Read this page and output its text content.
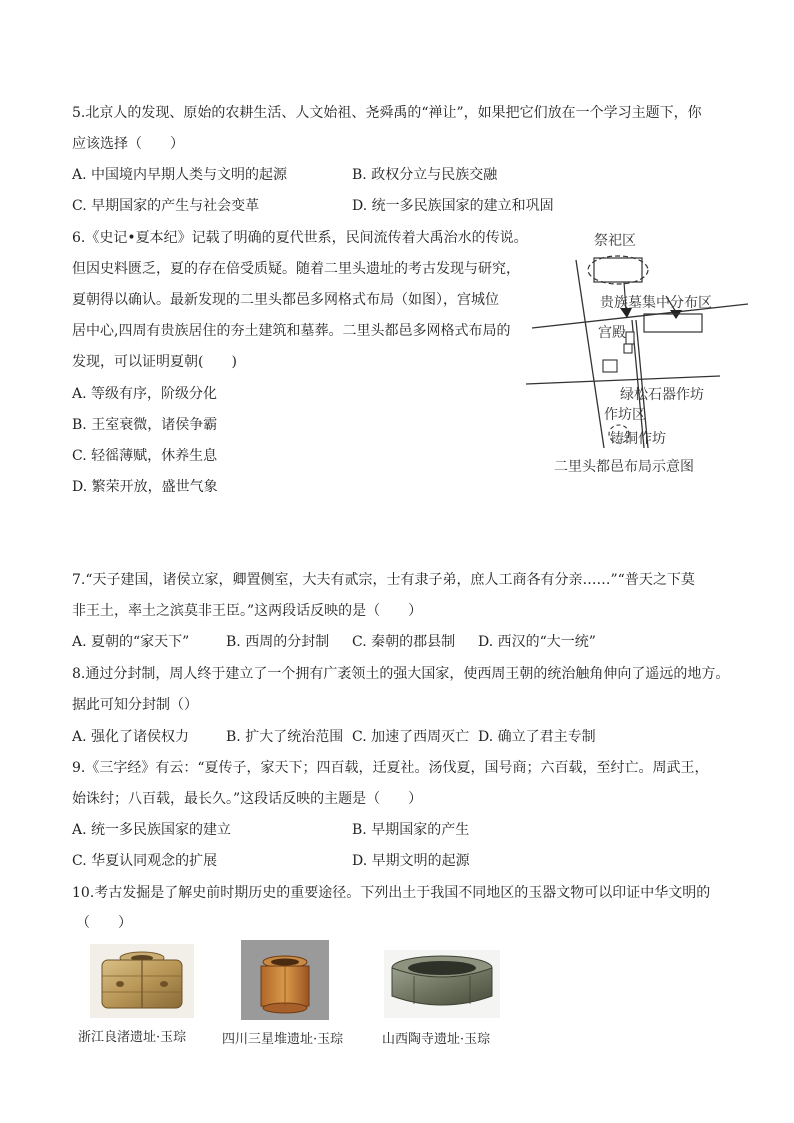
5.北京人的发现、原始的农耕生活、人文始祖、尧舜禹的“禅让”，如果把它们放在一个学习主题下，你
应该选择（　　）
A. 中国境内早期人类与文明的起源	B. 政权分立与民族交融
C. 早期国家的产生与社会变革	D. 统一多民族国家的建立和巩固
6.《史记•夏本纪》记载了明确的夏代世系，民间流传着大禹治水的传说。
但因史料匮乏，夏的存在倍受质疑。随着二里头遗址的考古发现与研究，
夏朝得以确认。最新发现的二里头都邑多网格式布局（如图），宫城位
居中心,四周有贵族居住的夯土建筑和墓葬。二里头都邑多网格式布局的
发现，可以证明夏朝(　　)
A. 等级有序，阶级分化
B. 王室衰微，诸侯争霸
C. 轻徭薄赋，休养生息
D. 繁荣开放，盛世气象
祭祀区
贵族墓集中分布区
宫殿
绿松石器作坊
作坊区
铸铜作坊
二里头都邑布局示意图
7.“天子建国，诸侯立家，卿置侧室，大夫有贰宗，士有隶子弟，庶人工商各有分亲……”“普天之下莫
非王土，率土之滨莫非王臣。”这两段话反映的是（　　）
A. 夏朝的“家天下”	B. 西周的分封制 C. 秦朝的郡县制 D. 西汉的“大一统”
8.通过分封制，周人终于建立了一个拥有广袤领土的强大国家，使西周王朝的统治触角伸向了遥远的地方。
据此可知分封制（）
A. 强化了诸侯权力	B. 扩大了统治范围 C. 加速了西周灭亡 D. 确立了君主专制
9.《三字经》有云：“夏传子，家天下；四百载，迁夏社。汤伐夏，国号商；六百载，至纣亡。周武王，
始诛纣；八百载，最长久。”这段话反映的主题是（　　）
A. 统一多民族国家的建立	B. 早期国家的产生
C. 华夏认同观念的扩展	D. 早期文明的起源
10.考古发掘是了解史前时期历史的重要途径。下列出土于我国不同地区的玉器文物可以印证中华文明的
（　　）
浙江良渚遗址·玉琮	四川三星堆遗址·玉琮	山西陶寺遗址·玉琮
